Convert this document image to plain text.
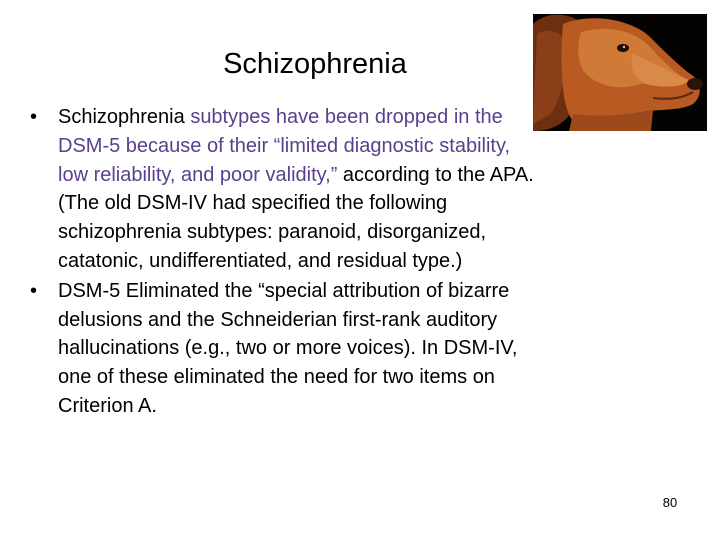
Schizophrenia
•	Schizophrenia subtypes have been dropped in the DSM-5 because of their “limited diagnostic stability, low reliability, and poor validity,” according to the APA. (The old DSM-IV had specified the following schizophrenia subtypes: paranoid, disorganized, catatonic, undifferentiated, and residual type.)
•	DSM-5 Eliminated the “special attribution of bizarre delusions and the Schneiderian first-rank auditory hallucinations (e.g., two or more voices). In DSM-IV, one of these eliminated the need for two items on Criterion A.
80
